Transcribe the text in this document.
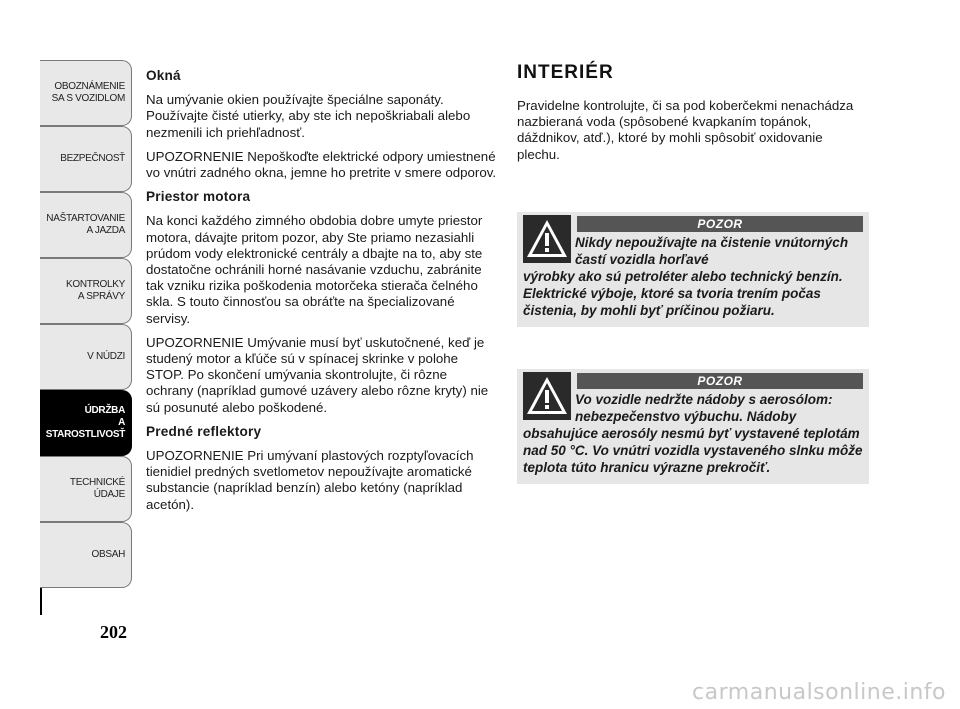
OBOZNÁMENIE
SA S VOZIDLOM
BEZPEČNOSŤ
NAŠTARTOVANIE
A JAZDA
KONTROLKY
A SPRÁVY
V NÚDZI
ÚDRŽBA
A STAROSTLIVOSŤ
TECHNICKÉ
ÚDAJE
OBSAH
202
Okná

Na umývanie okien používajte špeciálne saponáty. Používajte čisté utierky, aby ste ich nepoškriabali alebo nezmenili ich priehľadnosť.

UPOZORNENIE Nepoškoďte elektrické odpory umiestnené vo vnútri zadného okna, jemne ho pretrite v smere odporov.

Priestor motora

Na konci každého zimného obdobia dobre umyte priestor motora, dávajte pritom pozor, aby Ste priamo nezasiahli prúdom vody elektronické centrály a dbajte na to, aby ste dostatočne ochránili horné nasávanie vzduchu, zabránite tak vzniku rizika poškodenia motorčeka stierača čelného skla. S touto činnosťou sa obráťte na špecializované servisy.

UPOZORNENIE Umývanie musí byť uskutočnené, keď je studený motor a kľúče sú v spínacej skrinke v polohe STOP. Po skončení umývania skontrolujte, či rôzne ochrany (napríklad gumové uzávery alebo rôzne kryty) nie sú posunuté alebo poškodené.

Predné reflektory

UPOZORNENIE Pri umývaní plastových rozptyľovacích tienidiel predných svetlometov nepoužívajte aromatické substancie (napríklad benzín) alebo ketóny (napríklad acetón).

INTERIÉR

Pravidelne kontrolujte, či sa pod koberčekmi nenachádza nazbieraná voda (spôsobené kvapkaním topánok, dáždnikov, atď.), ktoré by mohli spôsobiť oxidovanie plechu.

POZOR
Nikdy nepoužívajte na čistenie vnútorných častí vozidla horľavé
výrobky ako sú petroléter alebo technický benzín. Elektrické výboje, ktoré sa tvoria trením počas čistenia, by mohli byť príčinou požiaru.
POZOR
Vo vozidle nedržte nádoby s aerosólom: nebezpečenstvo výbuchu. Nádoby
obsahujúce aerosóly nesmú byť vystavené teplotám nad 50 °C. Vo vnútri vozidla vystaveného slnku môže teplota túto hranicu výrazne prekročiť.
carmanualsonline.info
